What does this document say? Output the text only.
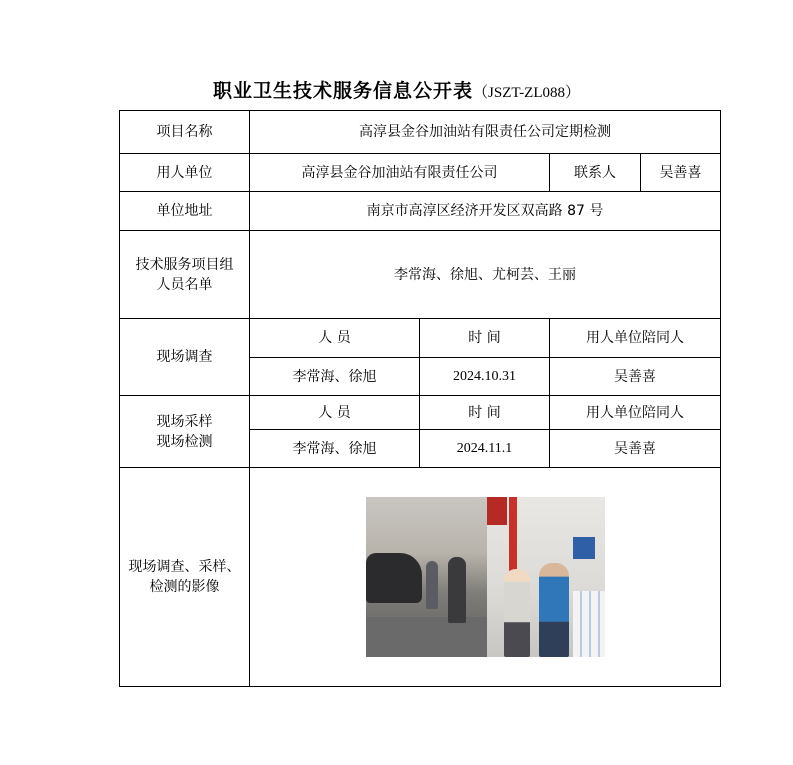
职业卫生技术服务信息公开表（JSZT-ZL088）
项目名称	高淳县金谷加油站有限责任公司定期检测			
用人单位	高淳县金谷加油站有限责任公司		联系人	吴善喜
单位地址	南京市高淳区经济开发区双高路 87 号			
技术服务项目组人员名单	李常海、徐旭、尤柯芸、王丽			
现场调查	人 员	时 间	用人单位陪同人	
	李常海、徐旭	2024.10.31	吴善喜	
现场采样现场检测	人 员	时 间	用人单位陪同人	
	李常海、徐旭	2024.11.1	吴善喜	
现场调查、采样、检测的影像				
